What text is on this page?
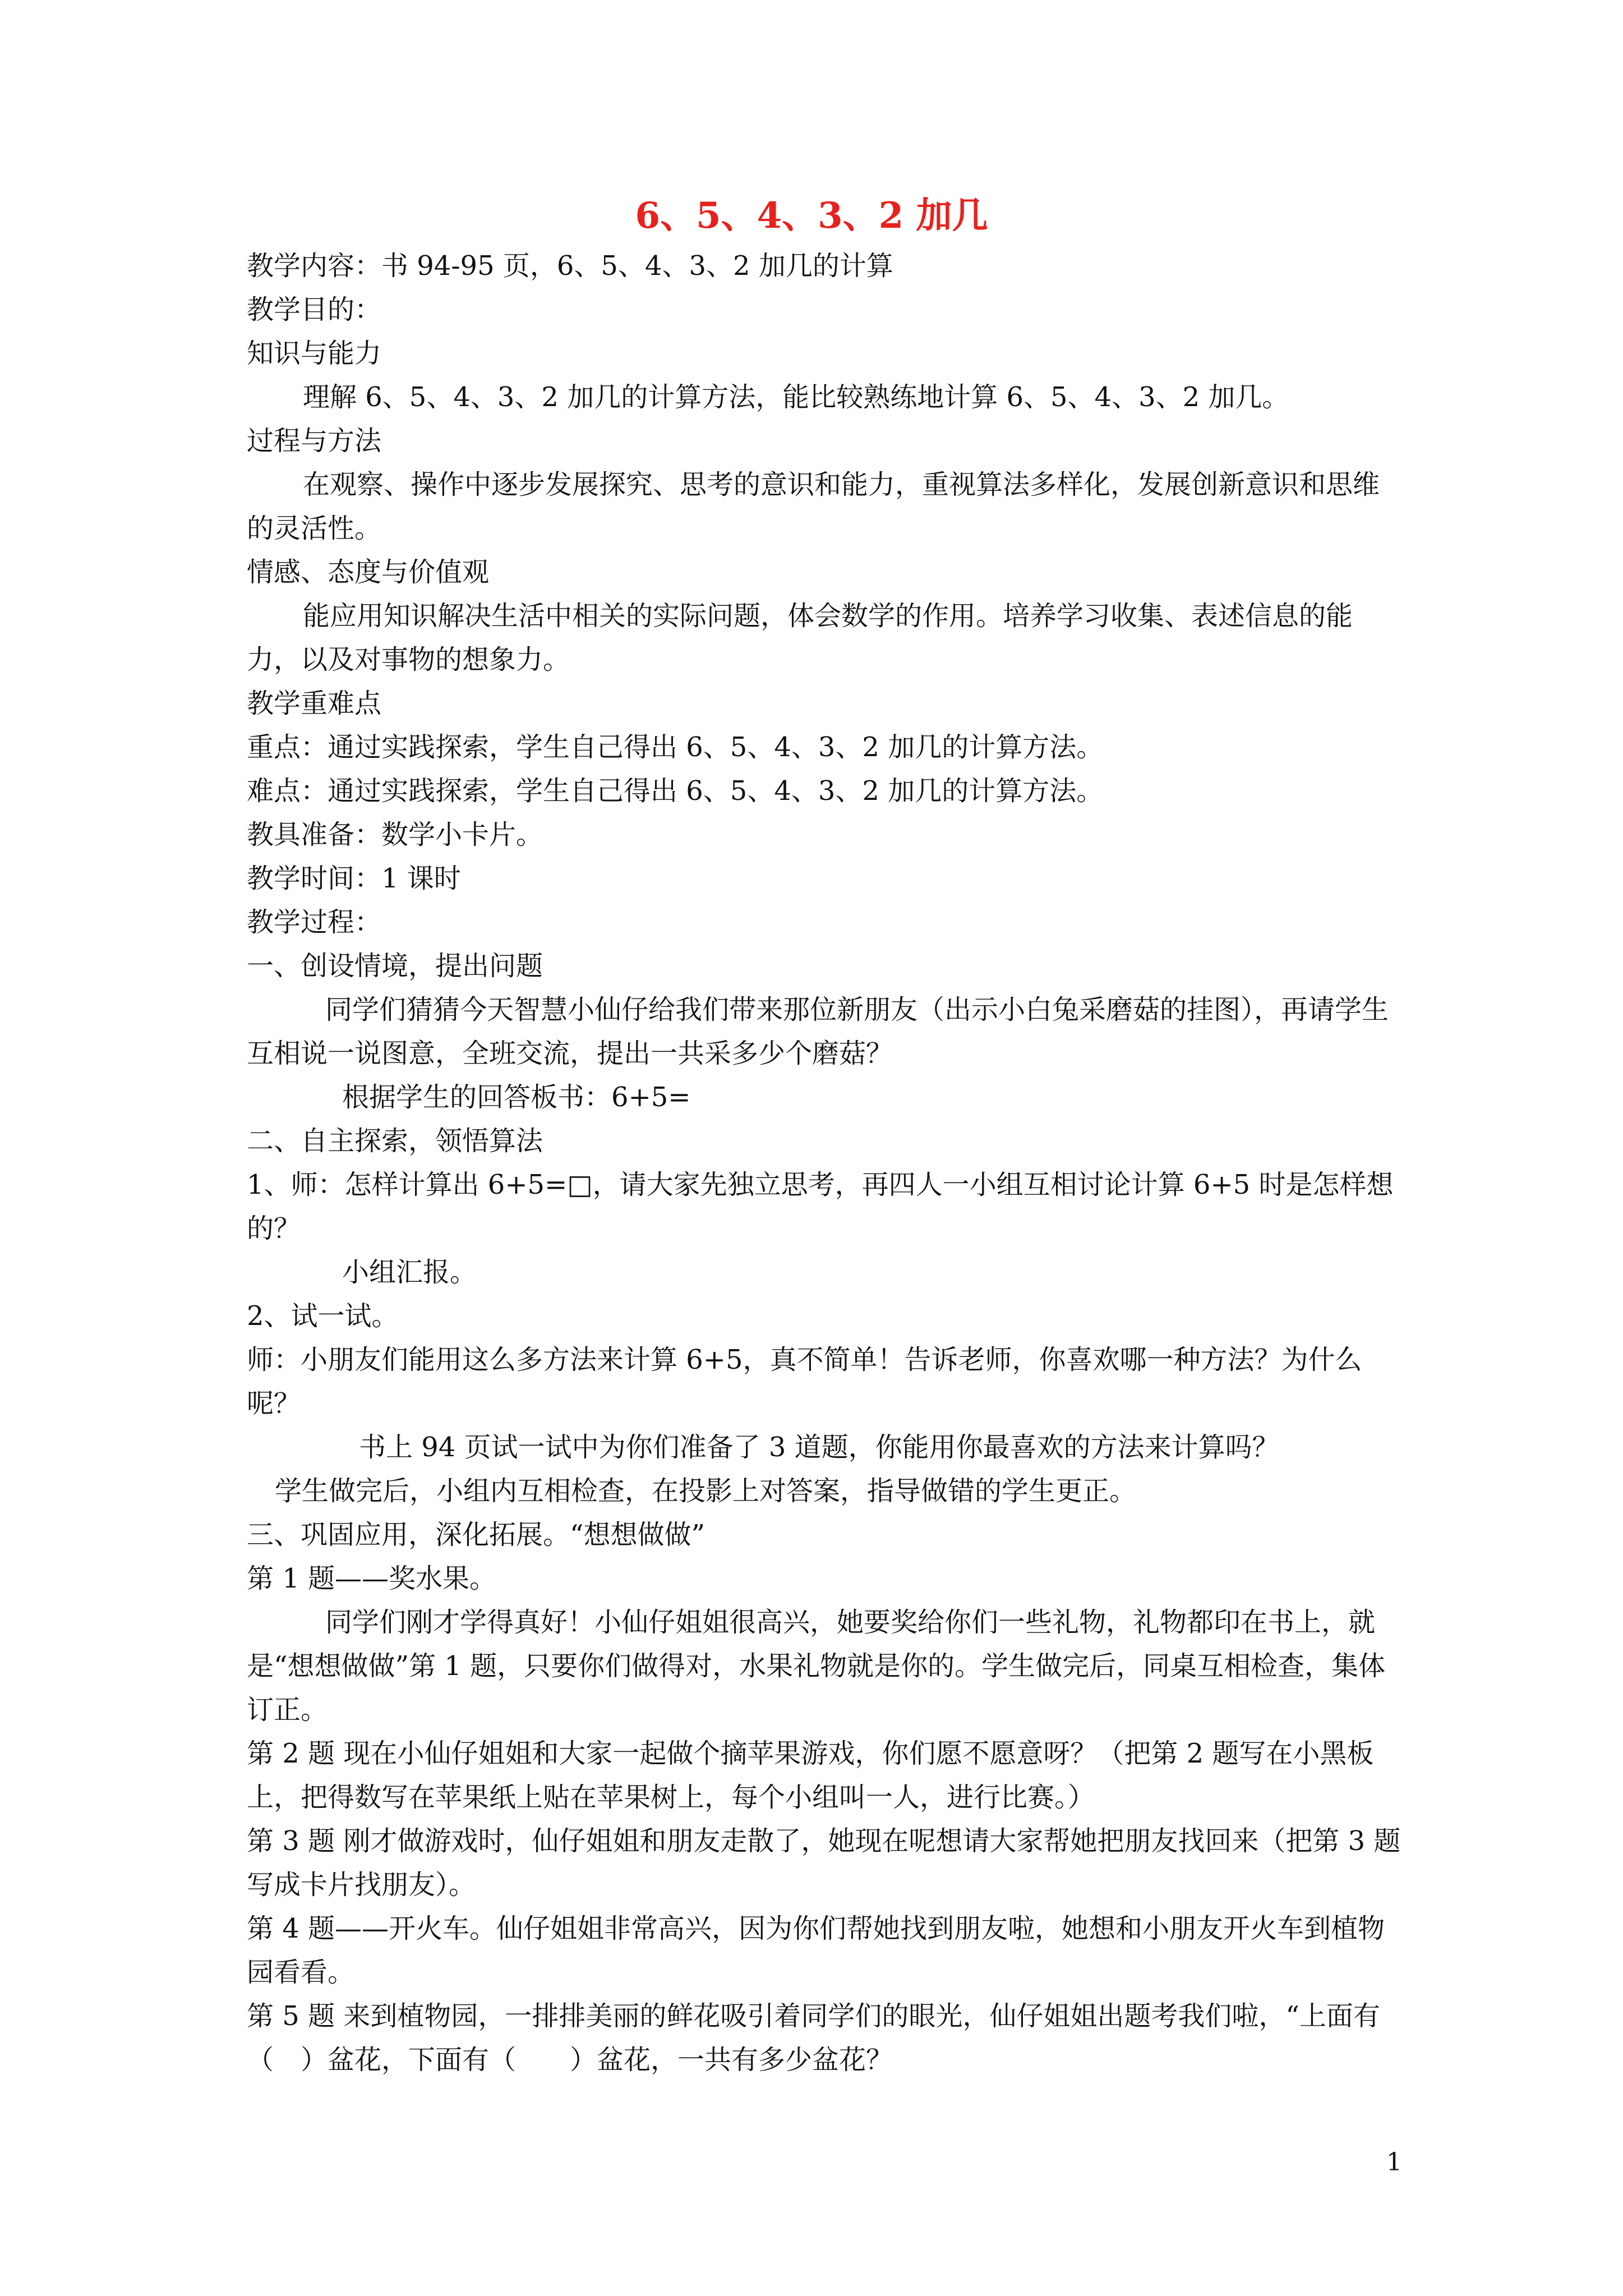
6、5、4、3、2 加几

教学内容：书 94-95 页，6、5、4、3、2 加几的计算

教学目的：

知识与能力

理解 6、5、4、3、2 加几的计算方法，能比较熟练地计算 6、5、4、3、2 加几。

过程与方法

在观察、操作中逐步发展探究、思考的意识和能力，重视算法多样化，发展创新意识和思维的灵活性。

情感、态度与价值观

能应用知识解决生活中相关的实际问题，体会数学的作用。培养学习收集、表述信息的能力，以及对事物的想象力。

教学重难点

重点：通过实践探索，学生自己得出 6、5、4、3、2 加几的计算方法。

难点：通过实践探索，学生自己得出 6、5、4、3、2 加几的计算方法。

教具准备：数学小卡片。

教学时间：1 课时

教学过程：

一、创设情境，提出问题

同学们猜猜今天智慧小仙仔给我们带来那位新朋友（出示小白兔采磨菇的挂图），再请学生互相说一说图意，全班交流，提出一共采多少个磨菇？

根据学生的回答板书：6+5=

二、自主探索，领悟算法

1、师：怎样计算出 6+5=□，请大家先独立思考，再四人一小组互相讨论计算 6+5 时是怎样想的？

小组汇报。

2、试一试。

师：小朋友们能用这么多方法来计算 6+5，真不简单！告诉老师，你喜欢哪一种方法？为什么呢？

书上 94 页试一试中为你们准备了 3 道题，你能用你最喜欢的方法来计算吗？

学生做完后，小组内互相检查，在投影上对答案，指导做错的学生更正。

三、巩固应用，深化拓展。“想想做做”

第 1 题——奖水果。

同学们刚才学得真好！小仙仔姐姐很高兴，她要奖给你们一些礼物，礼物都印在书上，就是“想想做做”第 1 题，只要你们做得对，水果礼物就是你的。学生做完后，同桌互相检查，集体订正。

第 2 题 现在小仙仔姐姐和大家一起做个摘苹果游戏，你们愿不愿意呀？（把第 2 题写在小黑板上，把得数写在苹果纸上贴在苹果树上，每个小组叫一人，进行比赛。）

第 3 题 刚才做游戏时，仙仔姐姐和朋友走散了，她现在呢想请大家帮她把朋友找回来（把第 3 题写成卡片找朋友）。

第 4 题——开火车。仙仔姐姐非常高兴，因为你们帮她找到朋友啦，她想和小朋友开火车到植物园看看。

第 5 题 来到植物园，一排排美丽的鲜花吸引着同学们的眼光，仙仔姐姐出题考我们啦，“上面有（　）盆花，下面有（　　）盆花，一共有多少盆花？

1
